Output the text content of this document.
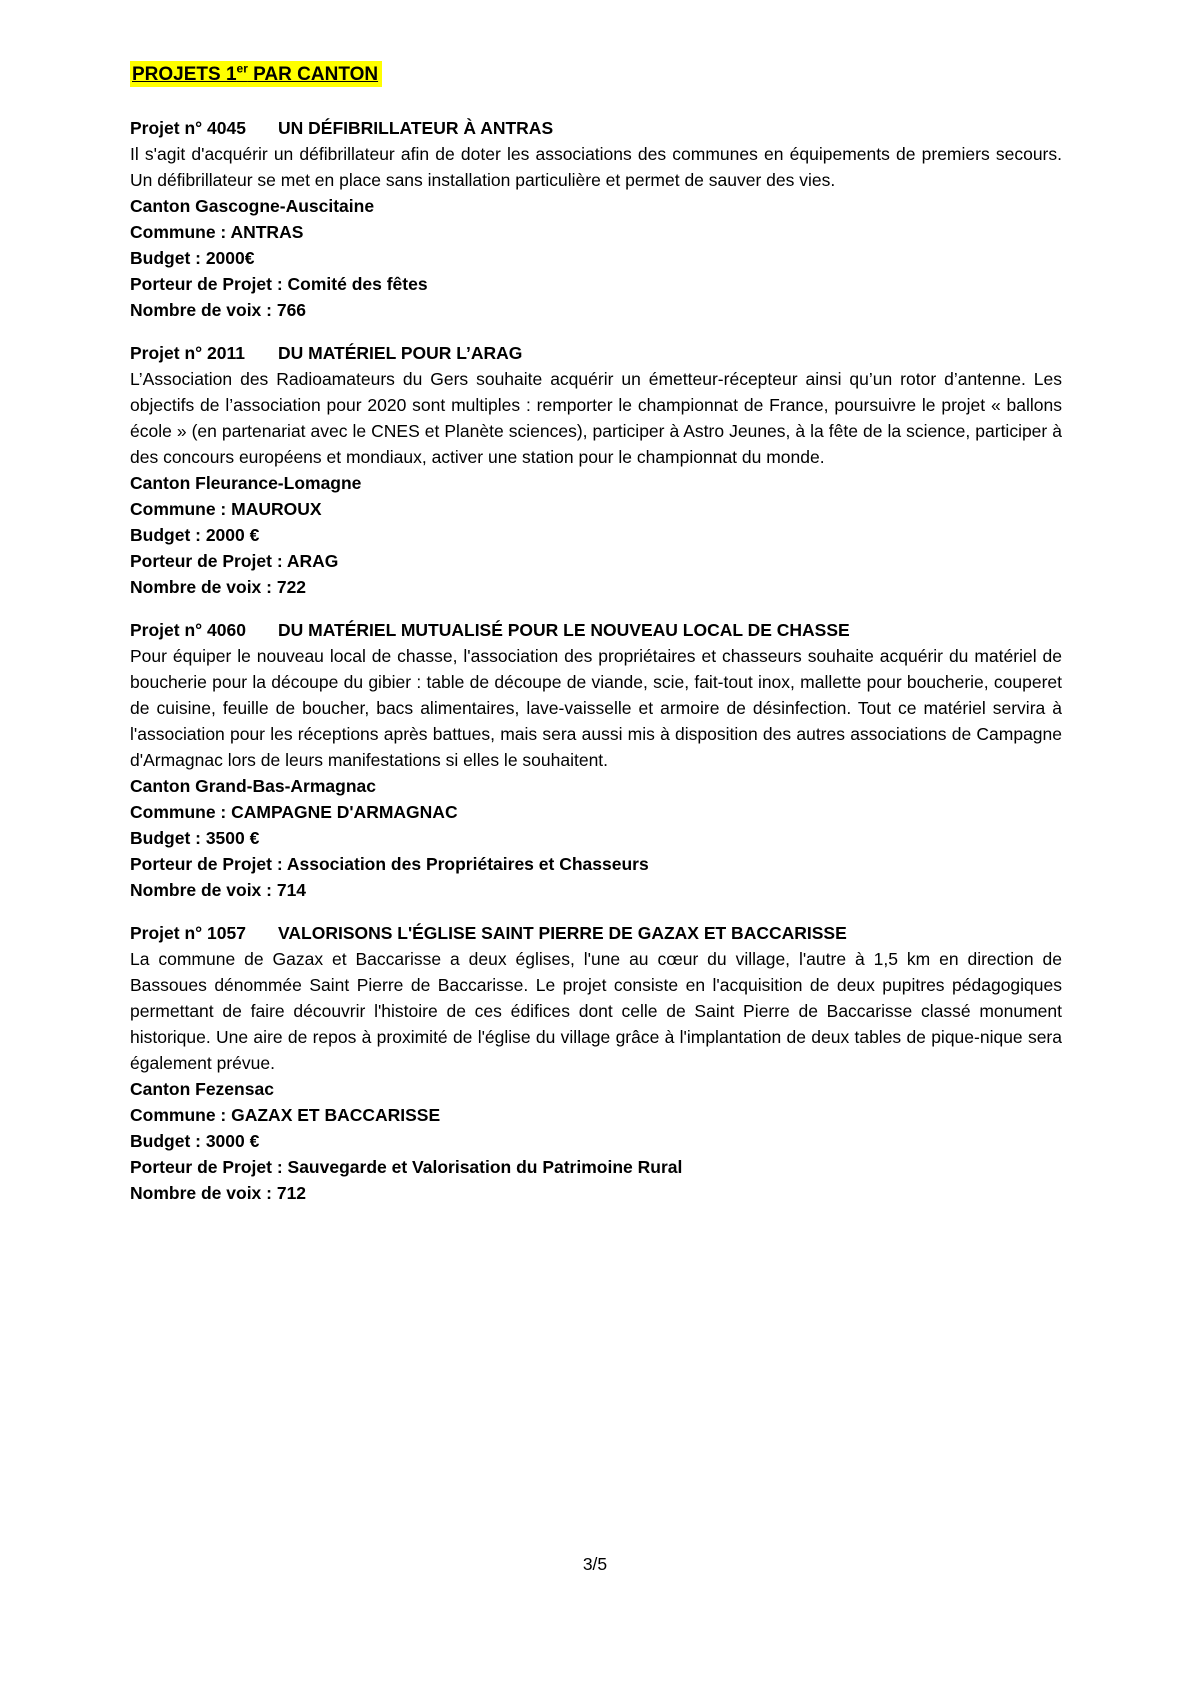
PROJETS 1er PAR CANTON

Projet n° 4045 UN DÉFIBRILLATEUR À ANTRAS

Il s'agit d'acquérir un défibrillateur afin de doter les associations des communes en équipements de premiers secours. Un défibrillateur se met en place sans installation particulière et permet de sauver des vies.

Canton Gascogne-Auscitaine

Commune : ANTRAS

Budget : 2000€

Porteur de Projet : Comité des fêtes

Nombre de voix : 766

Projet n° 2011 DU MATÉRIEL POUR L’ARAG

L’Association des Radioamateurs du Gers souhaite acquérir un émetteur-récepteur ainsi qu’un rotor d’antenne. Les objectifs de l’association pour 2020 sont multiples : remporter le championnat de France, poursuivre le projet « ballons école » (en partenariat avec le CNES et Planète sciences), participer à Astro Jeunes, à la fête de la science, participer à des concours européens et mondiaux, activer une station pour le championnat du monde.

Canton Fleurance-Lomagne

Commune : MAUROUX

Budget : 2000 €

Porteur de Projet : ARAG

Nombre de voix : 722

Projet n° 4060 DU MATÉRIEL MUTUALISÉ POUR LE NOUVEAU LOCAL DE CHASSE

Pour équiper le nouveau local de chasse, l'association des propriétaires et chasseurs souhaite acquérir du matériel de boucherie pour la découpe du gibier : table de découpe de viande, scie, fait-tout inox, mallette pour boucherie, couperet de cuisine, feuille de boucher, bacs alimentaires, lave-vaisselle et armoire de désinfection. Tout ce matériel servira à l'association pour les réceptions après battues, mais sera aussi mis à disposition des autres associations de Campagne d'Armagnac lors de leurs manifestations si elles le souhaitent.

Canton Grand-Bas-Armagnac

Commune : CAMPAGNE D'ARMAGNAC

Budget : 3500 €

Porteur de Projet : Association des Propriétaires et Chasseurs

Nombre de voix : 714

Projet n° 1057 VALORISONS L'ÉGLISE SAINT PIERRE DE GAZAX ET BACCARISSE

La commune de Gazax et Baccarisse a deux églises, l'une au cœur du village, l'autre à 1,5 km en direction de Bassoues dénommée Saint Pierre de Baccarisse. Le projet consiste en l'acquisition de deux pupitres pédagogiques permettant de faire découvrir l'histoire de ces édifices dont celle de Saint Pierre de Baccarisse classé monument historique. Une aire de repos à proximité de l'église du village grâce à l'implantation de deux tables de pique-nique sera également prévue.

Canton Fezensac

Commune : GAZAX ET BACCARISSE

Budget : 3000 €

Porteur de Projet : Sauvegarde et Valorisation du Patrimoine Rural

Nombre de voix : 712

3/5
